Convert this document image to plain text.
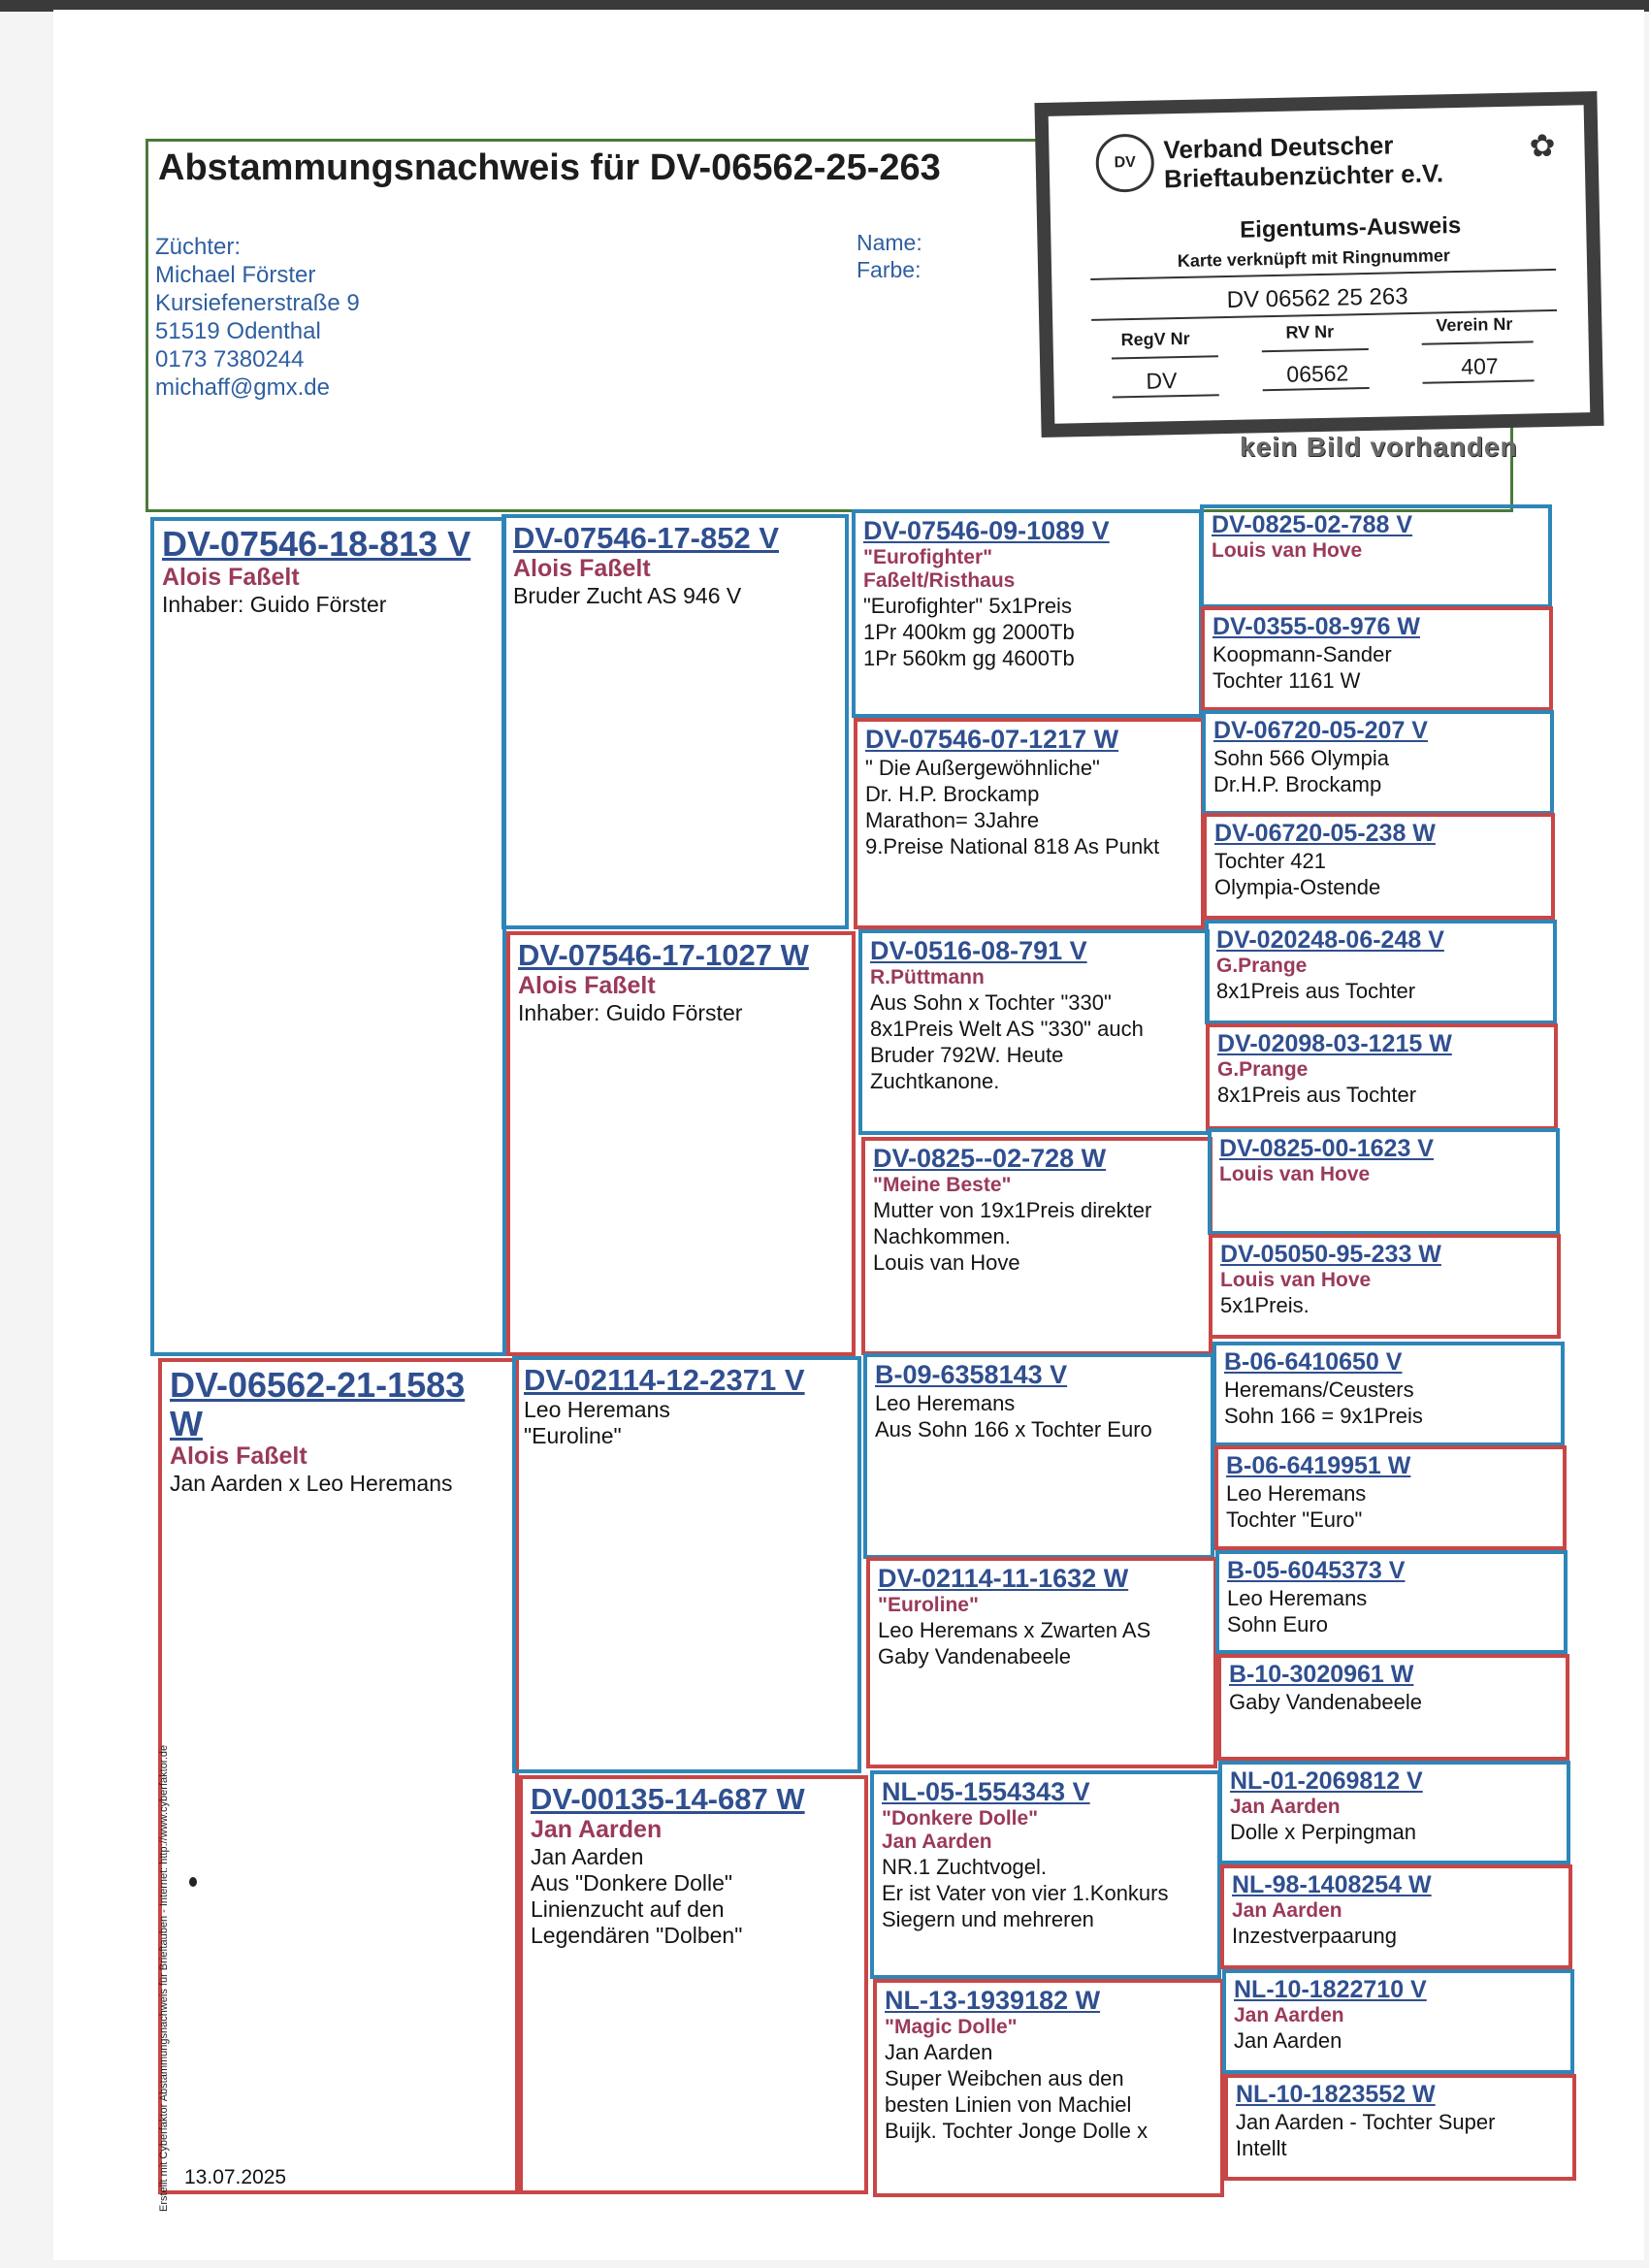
Abstammungsnachweis für DV-06562-25-263
Züchter:
Michael Förster
Kursiefenerstraße 9
51519 Odenthal
0173 7380244
michaff@gmx.de
Name:
Farbe:
DV	Verband Deutscher
Brieftaubenzüchter e.V.
✿
Eigentums-Ausweis
Karte verknüpft mit Ringnummer
DV 06562 25 263
RegV Nr	RV Nr	Verein Nr
DV	06562	407
kein Bild vorhanden
DV-07546-18-813 V
Alois Faßelt
Inhaber: Guido Förster
DV-06562-21-1583 W
Alois Faßelt
Jan Aarden x Leo Heremans
DV-07546-17-852 V
Alois Faßelt
Bruder Zucht AS 946 V
DV-07546-17-1027 W
Alois Faßelt
Inhaber: Guido Förster
DV-02114-12-2371 V
Leo Heremans
"Euroline"
DV-00135-14-687 W
Jan Aarden
Jan Aarden
Aus "Donkere Dolle"
Linienzucht auf den
Legendären "Dolben"
DV-07546-09-1089 V
"Eurofighter"
Faßelt/Risthaus
"Eurofighter" 5x1Preis
1Pr 400km gg 2000Tb
1Pr 560km gg 4600Tb
DV-07546-07-1217 W
" Die Außergewöhnliche"
Dr. H.P. Brockamp
Marathon= 3Jahre
9.Preise National 818 As Punkt
DV-0516-08-791 V
R.Püttmann
Aus Sohn x Tochter "330"
8x1Preis Welt AS "330" auch
Bruder 792W. Heute
Zuchtkanone.
DV-0825--02-728 W
"Meine Beste"
Mutter von 19x1Preis direkter
Nachkommen.
Louis van Hove
B-09-6358143 V
Leo Heremans
Aus Sohn 166 x Tochter Euro
DV-02114-11-1632 W
"Euroline"
Leo Heremans x Zwarten AS
Gaby Vandenabeele
NL-05-1554343 V
"Donkere Dolle"
Jan Aarden
NR.1 Zuchtvogel.
Er ist Vater von vier 1.Konkurs
Siegern und mehreren
NL-13-1939182 W
"Magic Dolle"
Jan Aarden
Super Weibchen aus den
besten Linien von Machiel
Buijk. Tochter Jonge Dolle x
DV-0825-02-788 V
Louis van Hove
DV-0355-08-976 W
Koopmann-Sander
Tochter 1161 W
DV-06720-05-207 V
Sohn 566 Olympia
Dr.H.P. Brockamp
DV-06720-05-238 W
Tochter 421
Olympia-Ostende
DV-020248-06-248 V
G.Prange
8x1Preis aus Tochter
DV-02098-03-1215 W
G.Prange
8x1Preis aus Tochter
DV-0825-00-1623 V
Louis van Hove
DV-05050-95-233 W
Louis van Hove
5x1Preis.
B-06-6410650 V
Heremans/Ceusters
Sohn 166 = 9x1Preis
B-06-6419951 W
Leo Heremans
Tochter "Euro"
B-05-6045373 V
Leo Heremans
Sohn Euro
B-10-3020961 W
Gaby Vandenabeele
NL-01-2069812 V
Jan Aarden
Dolle x Perpingman
NL-98-1408254 W
Jan Aarden
Inzestverpaarung
NL-10-1822710 V
Jan Aarden
Jan Aarden
NL-10-1823552 W
Jan Aarden - Tochter Super
Intellt
13.07.2025
Erstellt mit Cyberfaktor Abstammungsnachweis für Brieftauben - Internet: http://www.cyberfaktor.de
